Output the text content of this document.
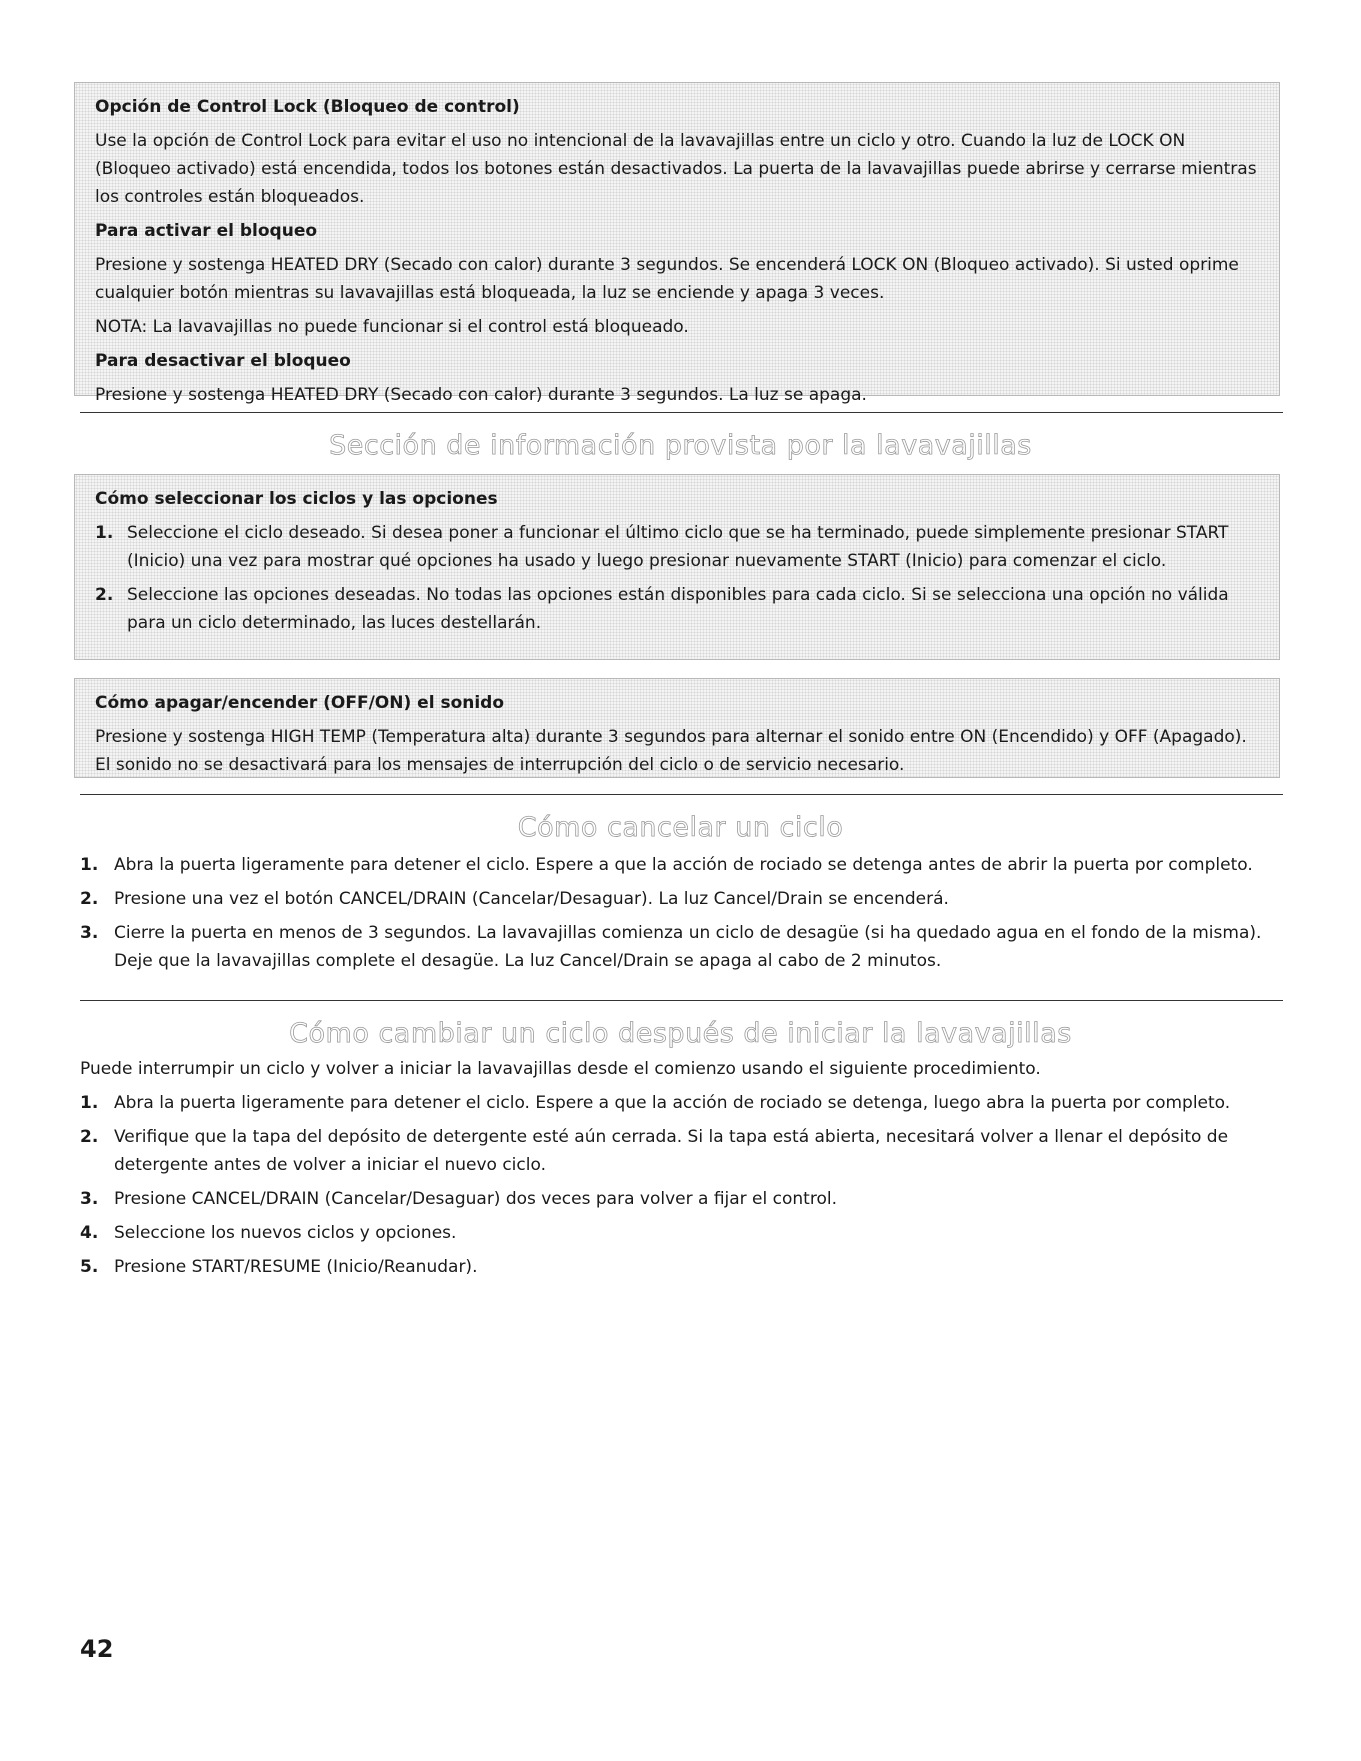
Opción de Control Lock (Bloqueo de control)

Use la opción de Control Lock para evitar el uso no intencional de la lavavajillas entre un ciclo y otro. Cuando la luz de LOCK ON (Bloqueo activado) está encendida, todos los botones están desactivados. La puerta de la lavavajillas puede abrirse y cerrarse mientras los controles están bloqueados.

Para activar el bloqueo

Presione y sostenga HEATED DRY (Secado con calor) durante 3 segundos. Se encenderá LOCK ON (Bloqueo activado). Si usted oprime cualquier botón mientras su lavavajillas está bloqueada, la luz se enciende y apaga 3 veces.

NOTA: La lavavajillas no puede funcionar si el control está bloqueado.

Para desactivar el bloqueo

Presione y sostenga HEATED DRY (Secado con calor) durante 3 segundos. La luz se apaga.

Sección de información provista por la lavavajillas
Cómo seleccionar los ciclos y las opciones
1. Seleccione el ciclo deseado. Si desea poner a funcionar el último ciclo que se ha terminado, puede simplemente presionar START (Inicio) una vez para mostrar qué opciones ha usado y luego presionar nuevamente START (Inicio) para comenzar el ciclo.
2. Seleccione las opciones deseadas. No todas las opciones están disponibles para cada ciclo. Si se selecciona una opción no válida para un ciclo determinado, las luces destellarán.
Cómo apagar/encender (OFF/ON) el sonido

Presione y sostenga HIGH TEMP (Temperatura alta) durante 3 segundos para alternar el sonido entre ON (Encendido) y OFF (Apagado). El sonido no se desactivará para los mensajes de interrupción del ciclo o de servicio necesario.

Cómo cancelar un ciclo
1. Abra la puerta ligeramente para detener el ciclo. Espere a que la acción de rociado se detenga antes de abrir la puerta por completo.
2. Presione una vez el botón CANCEL/DRAIN (Cancelar/Desaguar). La luz Cancel/Drain se encenderá.
3. Cierre la puerta en menos de 3 segundos. La lavavajillas comienza un ciclo de desagüe (si ha quedado agua en el fondo de la misma). Deje que la lavavajillas complete el desagüe. La luz Cancel/Drain se apaga al cabo de 2 minutos.
Cómo cambiar un ciclo después de iniciar la lavavajillas

Puede interrumpir un ciclo y volver a iniciar la lavavajillas desde el comienzo usando el siguiente procedimiento.

1. Abra la puerta ligeramente para detener el ciclo. Espere a que la acción de rociado se detenga, luego abra la puerta por completo.
2. Verifique que la tapa del depósito de detergente esté aún cerrada. Si la tapa está abierta, necesitará volver a llenar el depósito de detergente antes de volver a iniciar el nuevo ciclo.
3. Presione CANCEL/DRAIN (Cancelar/Desaguar) dos veces para volver a fijar el control.
4. Seleccione los nuevos ciclos y opciones.
5. Presione START/RESUME (Inicio/Reanudar).
42
